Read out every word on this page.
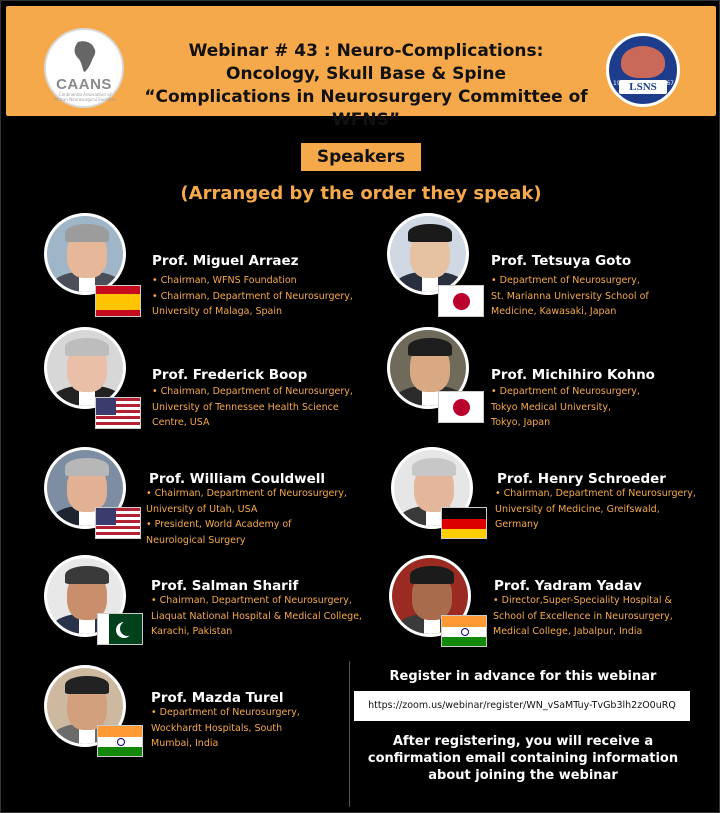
CAANS
Continental Association of African Neurosurgical Societies
Webinar # 43 : Neuro-Complications:
Oncology, Skull Base & Spine
“Complications in Neurosurgery Committee of WFNS”
LSNS
19	67
Speakers
(Arranged by the order they speak)
Prof. Miguel Arraez
• Chairman, WFNS Foundation
• Chairman, Department of Neurosurgery,
University of Malaga, Spain
Prof. Tetsuya Goto
• Department of Neurosurgery,
St. Marianna University School of
Medicine, Kawasaki, Japan
Prof. Frederick Boop
• Chairman, Department of Neurosurgery,
University of Tennessee Health Science
Centre, USA
Prof. Michihiro Kohno
• Department of Neurosurgery,
Tokyo Medical University,
Tokyo, Japan
Prof. William Couldwell
• Chairman, Department of Neurosurgery,
University of Utah, USA
• President, World Academy of
Neurological Surgery
Prof. Henry Schroeder
• Chairman, Department of Neurosurgery,
University of Medicine, Greifswald,
Germany
Prof. Salman Sharif
• Chairman, Department of Neurosurgery,
Liaquat National Hospital & Medical College,
Karachi, Pakistan
Prof. Yadram Yadav
• Director,Super-Speciality Hospital &
School of Excellence in Neurosurgery,
Medical College, Jabalpur, India
Prof. Mazda Turel
• Department of Neurosurgery,
Wockhardt Hospitals, South
Mumbai, India
Register in advance for this webinar
https://zoom.us/webinar/register/WN_vSaMTuy-TvGb3lh2zO0uRQ
After registering, you will receive a
confirmation email containing information
about joining the webinar
